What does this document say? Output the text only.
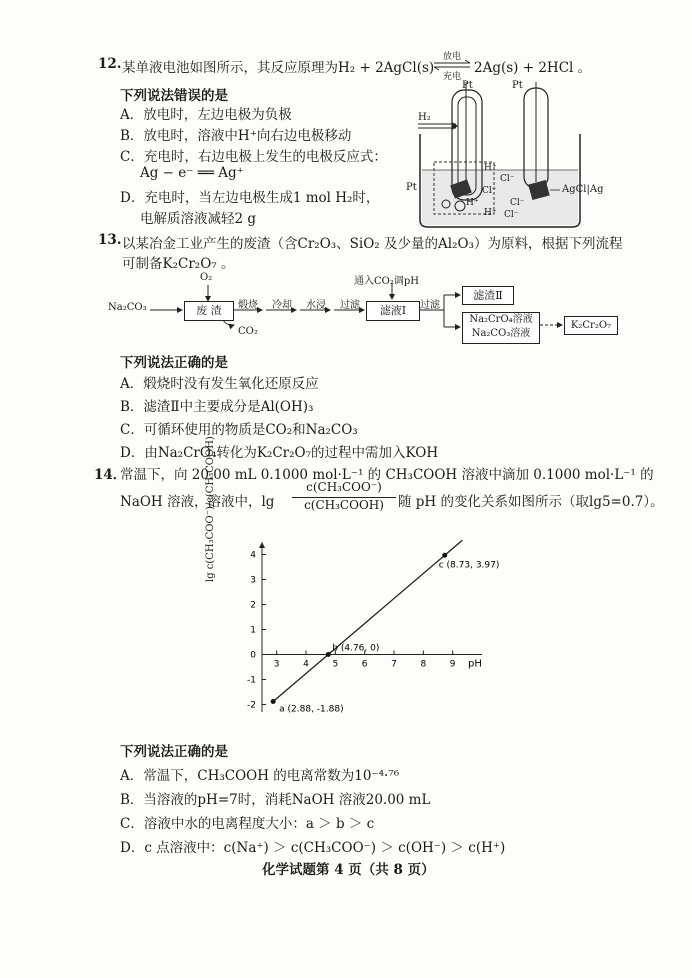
12. 某单液电池如图所示，其反应原理为H₂ + 2AgCl(s)
放电
充电
2Ag(s) + 2HCl 。
下列说法错误的是
A．放电时，左边电极为负极
B．放电时，溶液中H⁺向右边电极移动
C．充电时，右边电极上发生的电极反应式：
Ag − e⁻ ══ Ag⁺
D．充电时，当左边电极生成1 mol H₂时，
电解质溶液减轻2 g
Pt	Pt
H₂
Pt
H⁺
Cl⁻
Cl⁻
H⁺	Cl⁻
H⁺ Cl⁻
AgCl|Ag
13. 以某冶金工业产生的废渣（含Cr₂O₃、SiO₂ 及少量的Al₂O₃）为原料，根据下列流程
可制备K₂Cr₂O₇ 。
O₂
Na₂CO₃	废 渣
CO₂
煅烧 冷却 水浸 过滤
通入CO₂调pH
滤液Ⅰ	过滤
滤渣Ⅱ
Na₂CrO₄溶液
Na₂CO₃溶液
K₂Cr₂O₇
下列说法正确的是
A．煅烧时没有发生氧化还原反应
B．滤渣Ⅱ中主要成分是Al(OH)₃
C．可循环使用的物质是CO₂和Na₂CO₃
D．由Na₂CrO₄转化为K₂Cr₂O₇的过程中需加入KOH
14．
常温下，向 20.00 mL 0.1000 mol·L⁻¹ 的 CH₃COOH 溶液中滴加 0.1000 mol·L⁻¹ 的
NaOH 溶液，溶液中，lg
c(CH₃COO⁻)
c(CH₃COOH)	随 pH 的变化关系如图所示（取lg5=0.7）。
-2
-1
0
1
2
3
4
3	4	5	6	7	8	9 pH
a (2.88, -1.88)
b (4.76, 0)
c (8.73, 3.97)
lg c(CH₃COO⁻)/c(CH₃COOH)
下列说法正确的是
A．常温下，CH₃COOH 的电离常数为10⁻⁴·⁷⁶
B．当溶液的pH=7时，消耗NaOH 溶液20.00 mL
C．溶液中水的电离程度大小：a ＞ b ＞ c
D．c 点溶液中：c(Na⁺) ＞ c(CH₃COO⁻) ＞ c(OH⁻) ＞ c(H⁺)
化学试题第 4 页（共 8 页）
